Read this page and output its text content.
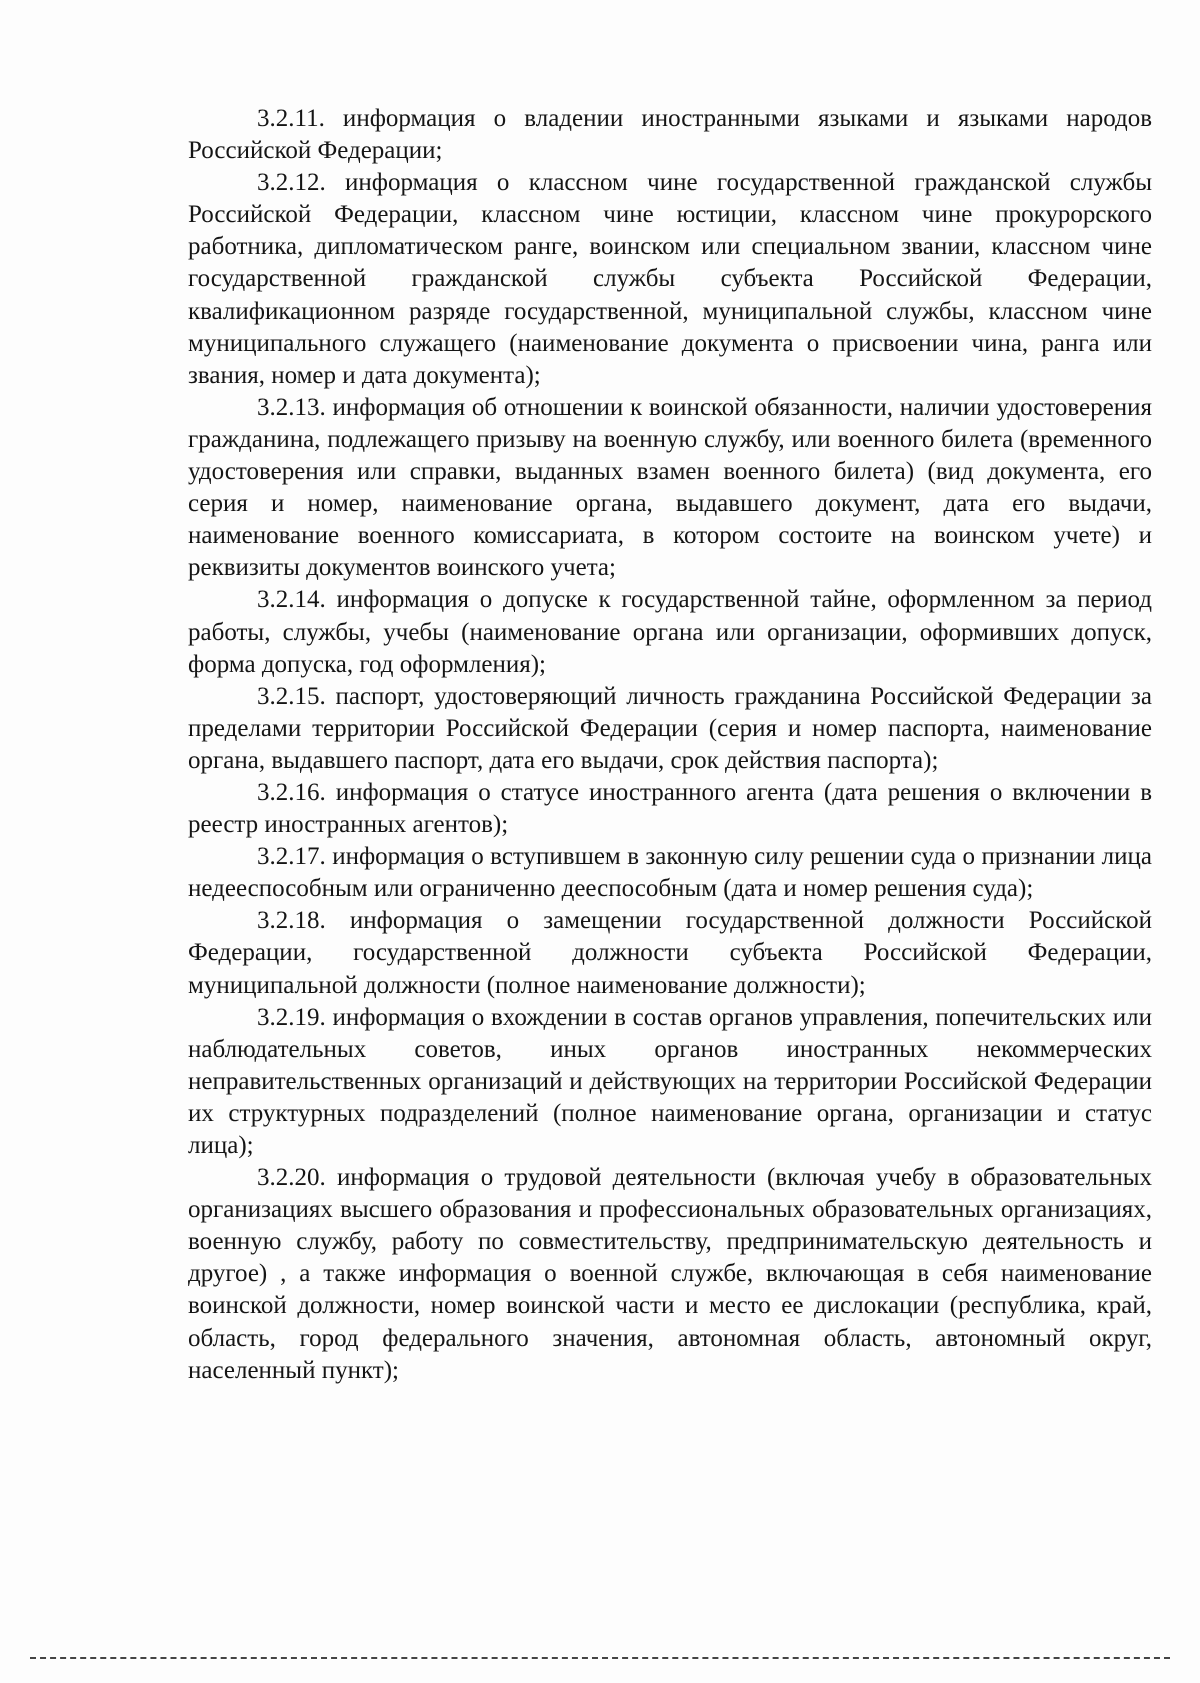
3.2.11. информация о владении иностранными языками и языками народов Российской Федерации;

3.2.12. информация о классном чине государственной гражданской службы Российской Федерации, классном чине юстиции, классном чине прокурорского работника, дипломатическом ранге, воинском или специальном звании, классном чине государственной гражданской службы субъекта Российской Федерации, квалификационном разряде государственной, муниципальной службы, классном чине муниципального служащего (наименование документа о присвоении чина, ранга или звания, номер и дата документа);

3.2.13. информация об отношении к воинской обязанности, наличии удостоверения гражданина, подлежащего призыву на военную службу, или военного билета (временного удостоверения или справки, выданных взамен военного билета) (вид документа, его серия и номер, наименование органа, выдавшего документ, дата его выдачи, наименование военного комиссариата, в котором состоите на воинском учете) и реквизиты документов воинского учета;

3.2.14. информация о допуске к государственной тайне, оформленном за период работы, службы, учебы (наименование органа или организации, оформивших допуск, форма допуска, год оформления);

3.2.15. паспорт, удостоверяющий личность гражданина Российской Федерации за пределами территории Российской Федерации (серия и номер паспорта, наименование органа, выдавшего паспорт, дата его выдачи, срок действия паспорта);

3.2.16. информация о статусе иностранного агента (дата решения о включении в реестр иностранных агентов);

3.2.17. информация о вступившем в законную силу решении суда о признании лица недееспособным или ограниченно дееспособным (дата и номер решения суда);

3.2.18. информация о замещении государственной должности Российской Федерации, государственной должности субъекта Российской Федерации, муниципальной должности (полное наименование должности);

3.2.19. информация о вхождении в состав органов управления, попечительских или наблюдательных советов, иных органов иностранных некоммерческих неправительственных организаций и действующих на территории Российской Федерации их структурных подразделений (полное наименование органа, организации и статус лица);

3.2.20. информация о трудовой деятельности (включая учебу в образовательных организациях высшего образования и профессиональных образовательных организациях, военную службу, работу по совместительству, предпринимательскую деятельность и другое) , а также информация о военной службе, включающая в себя наименование воинской должности, номер воинской части и место ее дислокации (республика, край, область, город федерального значения, автономная область, автономный округ, населенный пункт);
